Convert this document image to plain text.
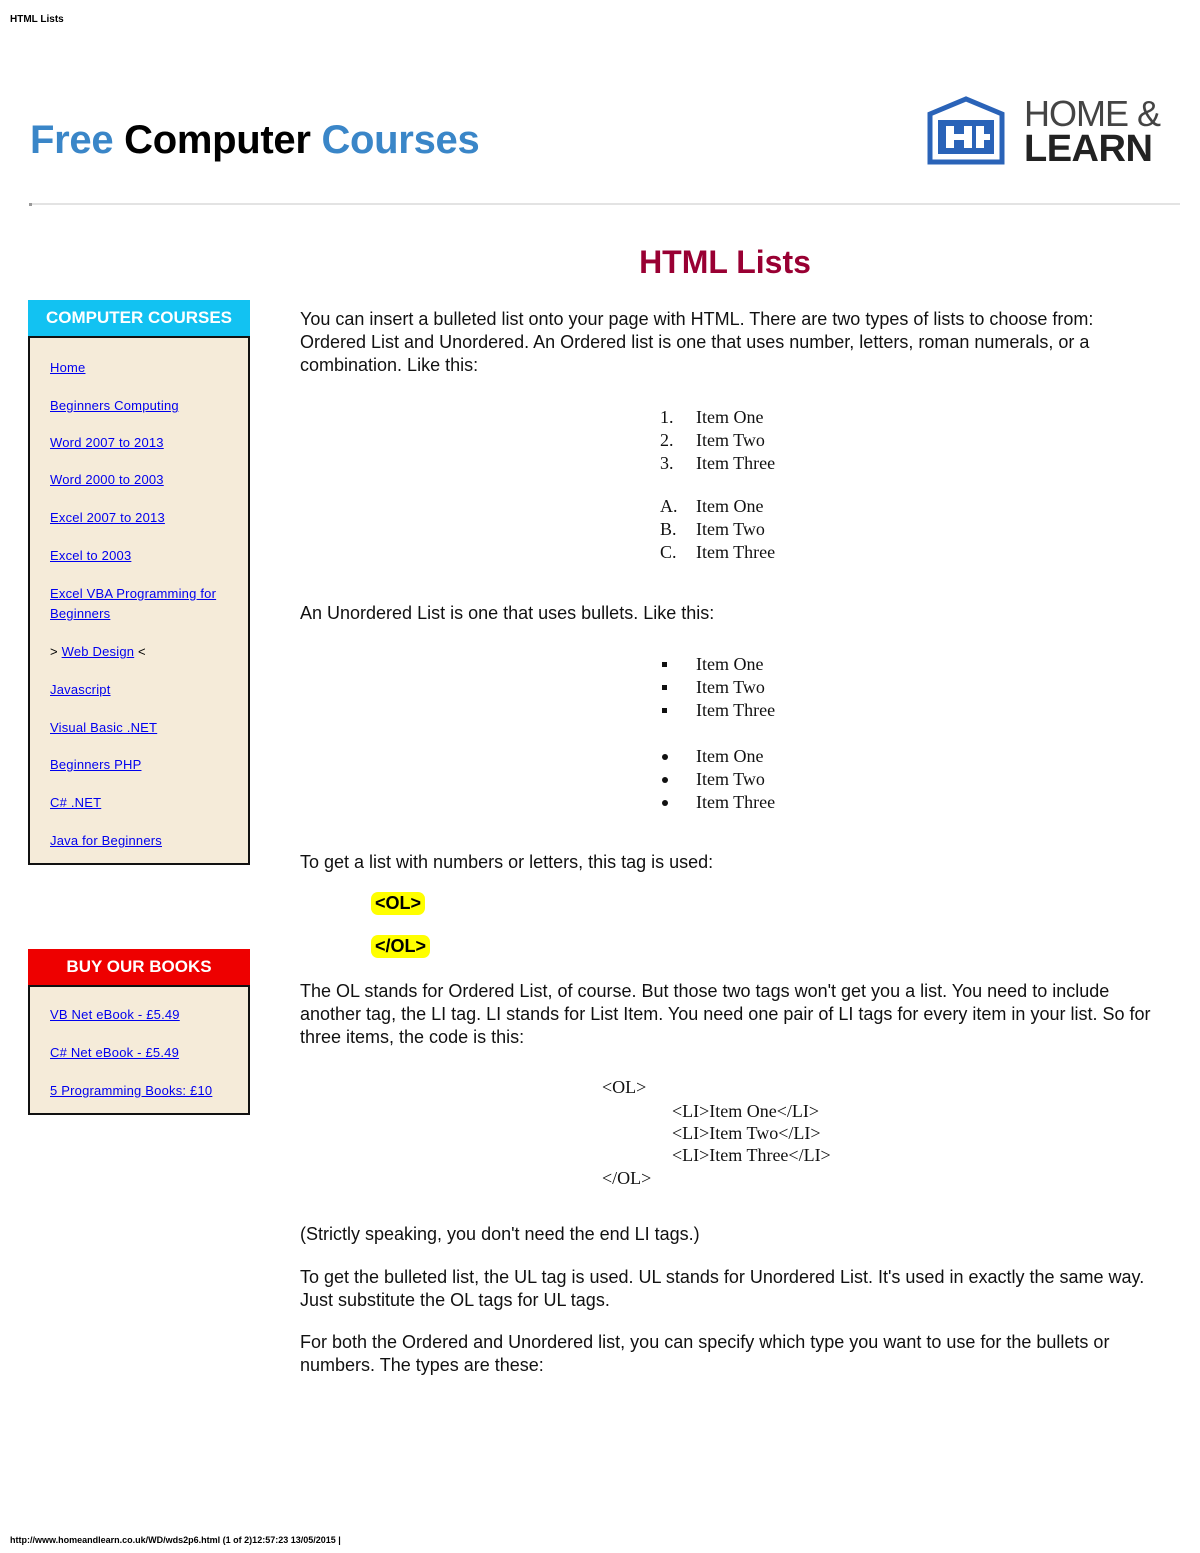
HTML Lists
Free Computer Courses
HOME &
LEARN
COMPUTER COURSES
Home
Beginners Computing
Word 2007 to 2013
Word 2000 to 2003
Excel 2007 to 2013
Excel to 2003
Excel VBA Programming for Beginners
> Web Design <
Javascript
Visual Basic .NET
Beginners PHP
C# .NET
Java for Beginners
BUY OUR BOOKS
VB Net eBook - £5.49
C# Net eBook - £5.49
5 Programming Books: £10
HTML Lists
You can insert a bulleted list onto your page with HTML. There are two types of lists to choose from: Ordered List and Unordered. An Ordered list is one that uses number, letters, roman numerals, or a combination. Like this:
1.	Item One
2.	Item Two
3.	Item Three
A. Item One
B.	Item Two
C.	Item Three
An Unordered List is one that uses bullets. Like this:
Item One
Item Two
Item Three
Item One
Item Two
Item Three
To get a list with numbers or letters, this tag is used:
<OL>
</OL>
The OL stands for Ordered List, of course. But those two tags won't get you a list. You need to include another tag, the LI tag. LI stands for List Item. You need one pair of LI tags for every item in your list. So for three items, the code is this:
<OL>
<LI>Item One</LI>
<LI>Item Two</LI>
<LI>Item Three</LI>
</OL>
(Strictly speaking, you don't need the end LI tags.)
To get the bulleted list, the UL tag is used. UL stands for Unordered List. It's used in exactly the same way. Just substitute the OL tags for UL tags.
For both the Ordered and Unordered list, you can specify which type you want to use for the bullets or numbers. The types are these:
http://www.homeandlearn.co.uk/WD/wds2p6.html (1 of 2)12:57:23 13/05/2015 |
